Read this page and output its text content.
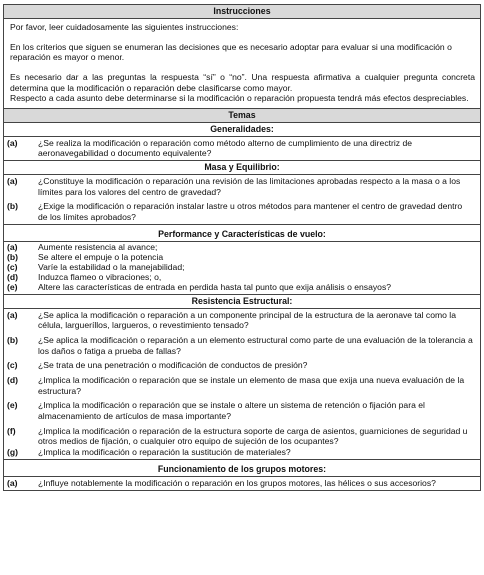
Instrucciones

Por favor, leer cuidadosamente las siguientes instrucciones:

En los criterios que siguen se enumeran las decisiones que es necesario adoptar para evaluar si una modificación o reparación es mayor o menor.

Es necesario dar a las preguntas la respuesta “sí” o “no”. Una respuesta afirmativa a cualquier pregunta concreta determina que la modificación o reparación debe clasificarse como mayor.

Respecto a cada asunto debe determinarse si la modificación o reparación propuesta tendrá más efectos despreciables.

Temas
Generalidades:
(a)	¿Se realiza la modificación o reparación como método alterno de cumplimiento de una directriz de aeronavegabilidad o documento equivalente?
Masa y Equilibrio:
(a)	¿Constituye la modificación o reparación una revisión de las limitaciones aprobadas respecto a la masa o a los límites para los valores del centro de gravedad?
(b)	¿Exige la modificación o reparación instalar lastre u otros métodos para mantener el centro de gravedad dentro de los límites aprobados?
Performance y Características de vuelo:
(a)	Aumente resistencia al avance;
(b)	Se altere el empuje o la potencia
(c)	Varíe la estabilidad o la manejabilidad;
(d)	Induzca flameo o vibraciones; o,
(e)	Altere las características de entrada en perdida hasta tal punto que exija análisis o ensayos?
Resistencia Estructural:
(a)	¿Se aplica la modificación o reparación a un componente principal de la estructura de la aeronave tal como la célula, largueríllos, largueros, o revestimiento tensado?
(b)	¿Se aplica la modificación o reparación a un elemento estructural como parte de una evaluación de la tolerancia a los daños o fatiga a prueba de fallas?
(c)	¿Se trata de una penetración o modificación de conductos de presión?
(d)	¿Implica la modificación o reparación que se instale un elemento de masa que exija una nueva evaluación de la estructura?
(e)	¿Implica la modificación o reparación que se instale o altere un sistema de retención o fijación para el almacenamiento de artículos de masa importante?
(f)	¿Implica la modificación o reparación de la estructura soporte de carga de asientos, guarniciones de seguridad u otros medios de fijación, o cualquier otro equipo de sujeción de los ocupantes?
(g)	¿Implica la modificación o reparación la sustitución de materiales?
Funcionamiento de los grupos motores:
(a)	¿Influye notablemente la modificación o reparación en los grupos motores, las hélices o sus accesorios?
